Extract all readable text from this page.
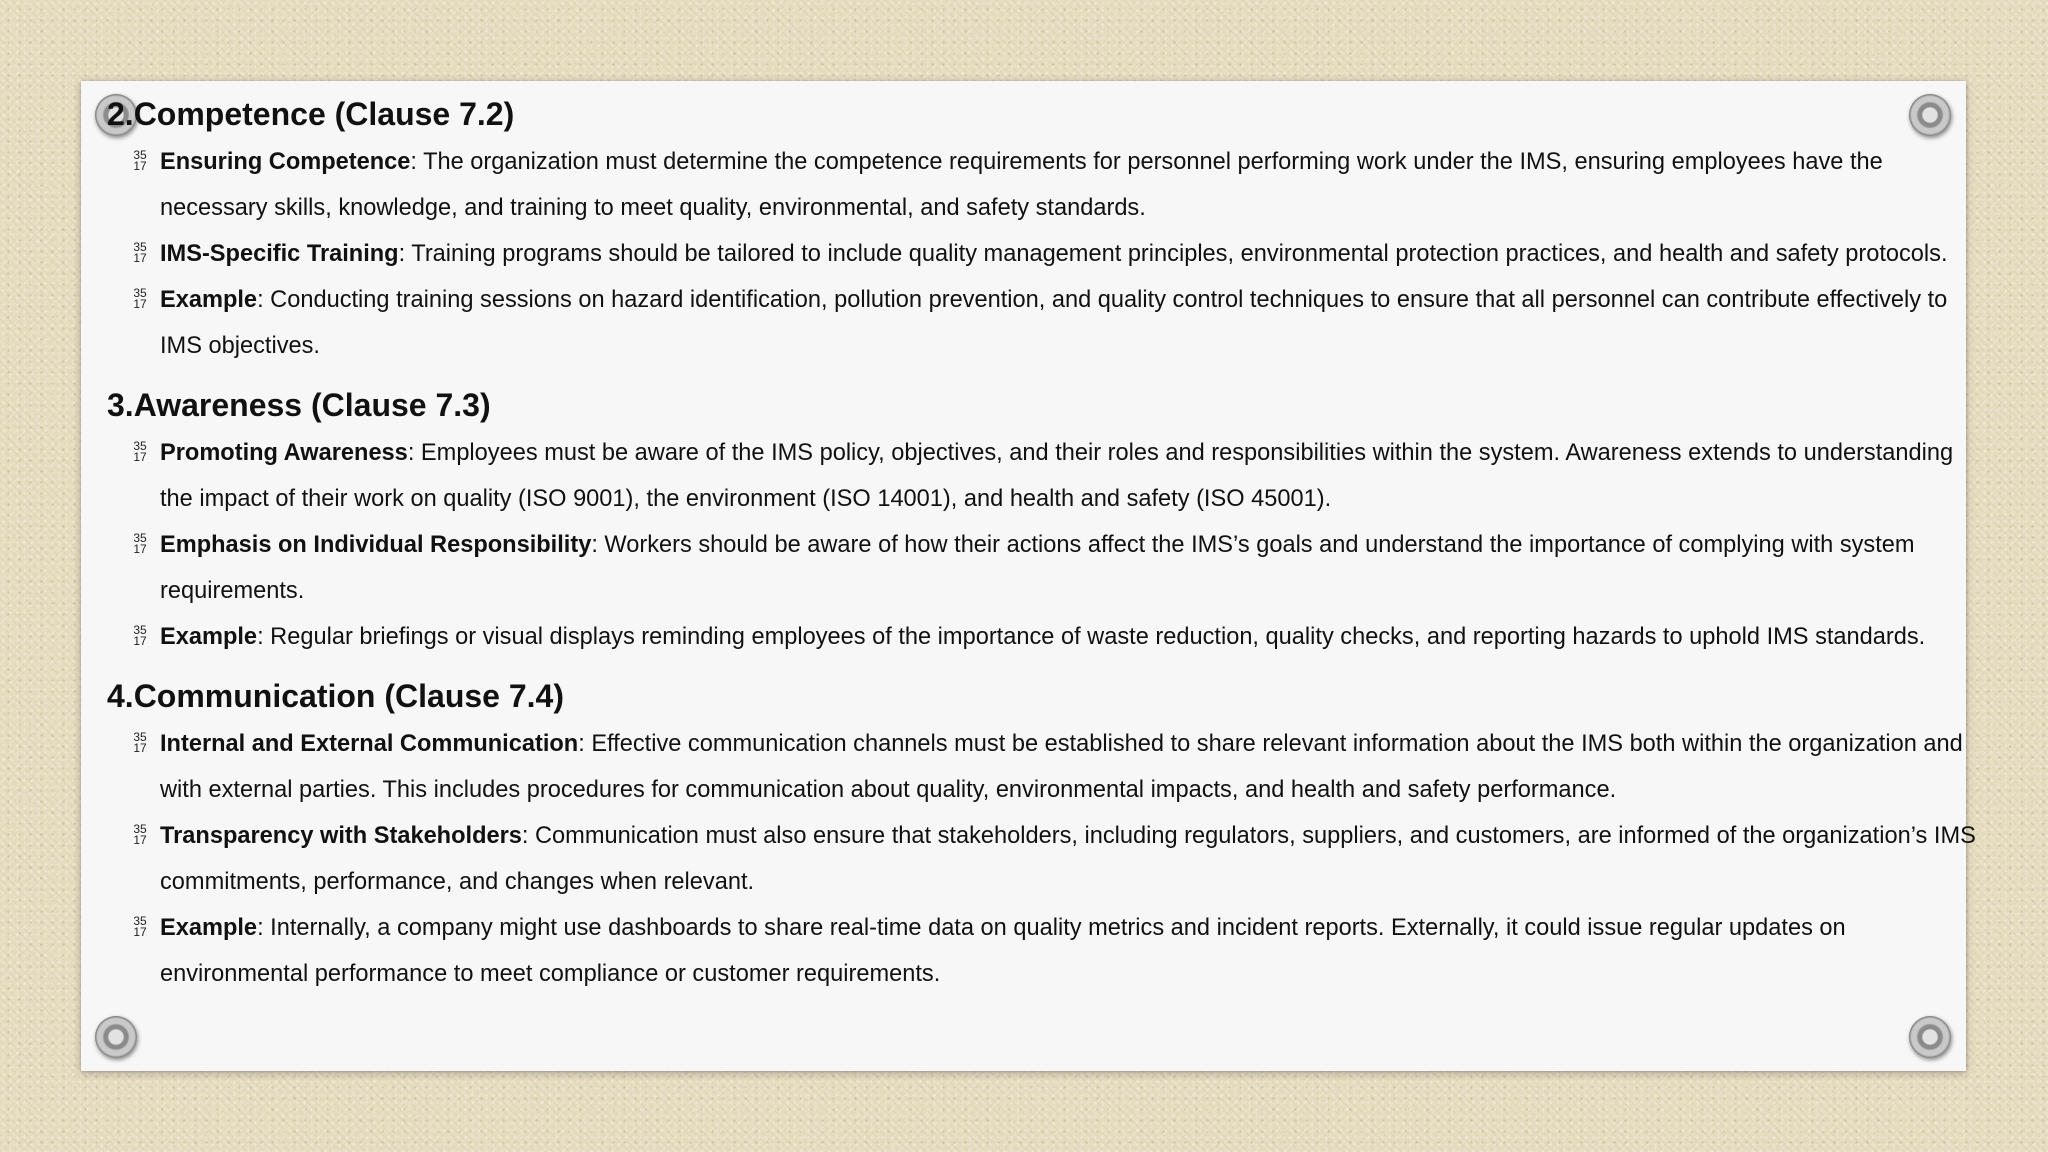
2.Competence (Clause 7.2)
35
17 Ensuring Competence: The organization must determine the competence requirements for personnel performing work under the IMS, ensuring employees have the necessary skills, knowledge, and training to meet quality, environmental, and safety standards.
35
17 IMS-Specific Training: Training programs should be tailored to include quality management principles, environmental protection practices, and health and safety protocols.
35
17 Example: Conducting training sessions on hazard identification, pollution prevention, and quality control techniques to ensure that all personnel can contribute effectively to IMS objectives.
3.Awareness (Clause 7.3)
35
17 Promoting Awareness: Employees must be aware of the IMS policy, objectives, and their roles and responsibilities within the system. Awareness extends to understanding the impact of their work on quality (ISO 9001), the environment (ISO 14001), and health and safety (ISO 45001).
35
17 Emphasis on Individual Responsibility: Workers should be aware of how their actions affect the IMS’s goals and understand the importance of complying with system requirements.
35
17 Example: Regular briefings or visual displays reminding employees of the importance of waste reduction, quality checks, and reporting hazards to uphold IMS standards.
4.Communication (Clause 7.4)
35
17 Internal and External Communication: Effective communication channels must be established to share relevant information about the IMS both within the organization and with external parties. This includes procedures for communication about quality, environmental impacts, and health and safety performance.
35
17 Transparency with Stakeholders: Communication must also ensure that stakeholders, including regulators, suppliers, and customers, are informed of the organization’s IMS commitments, performance, and changes when relevant.
35
17 Example: Internally, a company might use dashboards to share real-time data on quality metrics and incident reports. Externally, it could issue regular updates on environmental performance to meet compliance or customer requirements.
